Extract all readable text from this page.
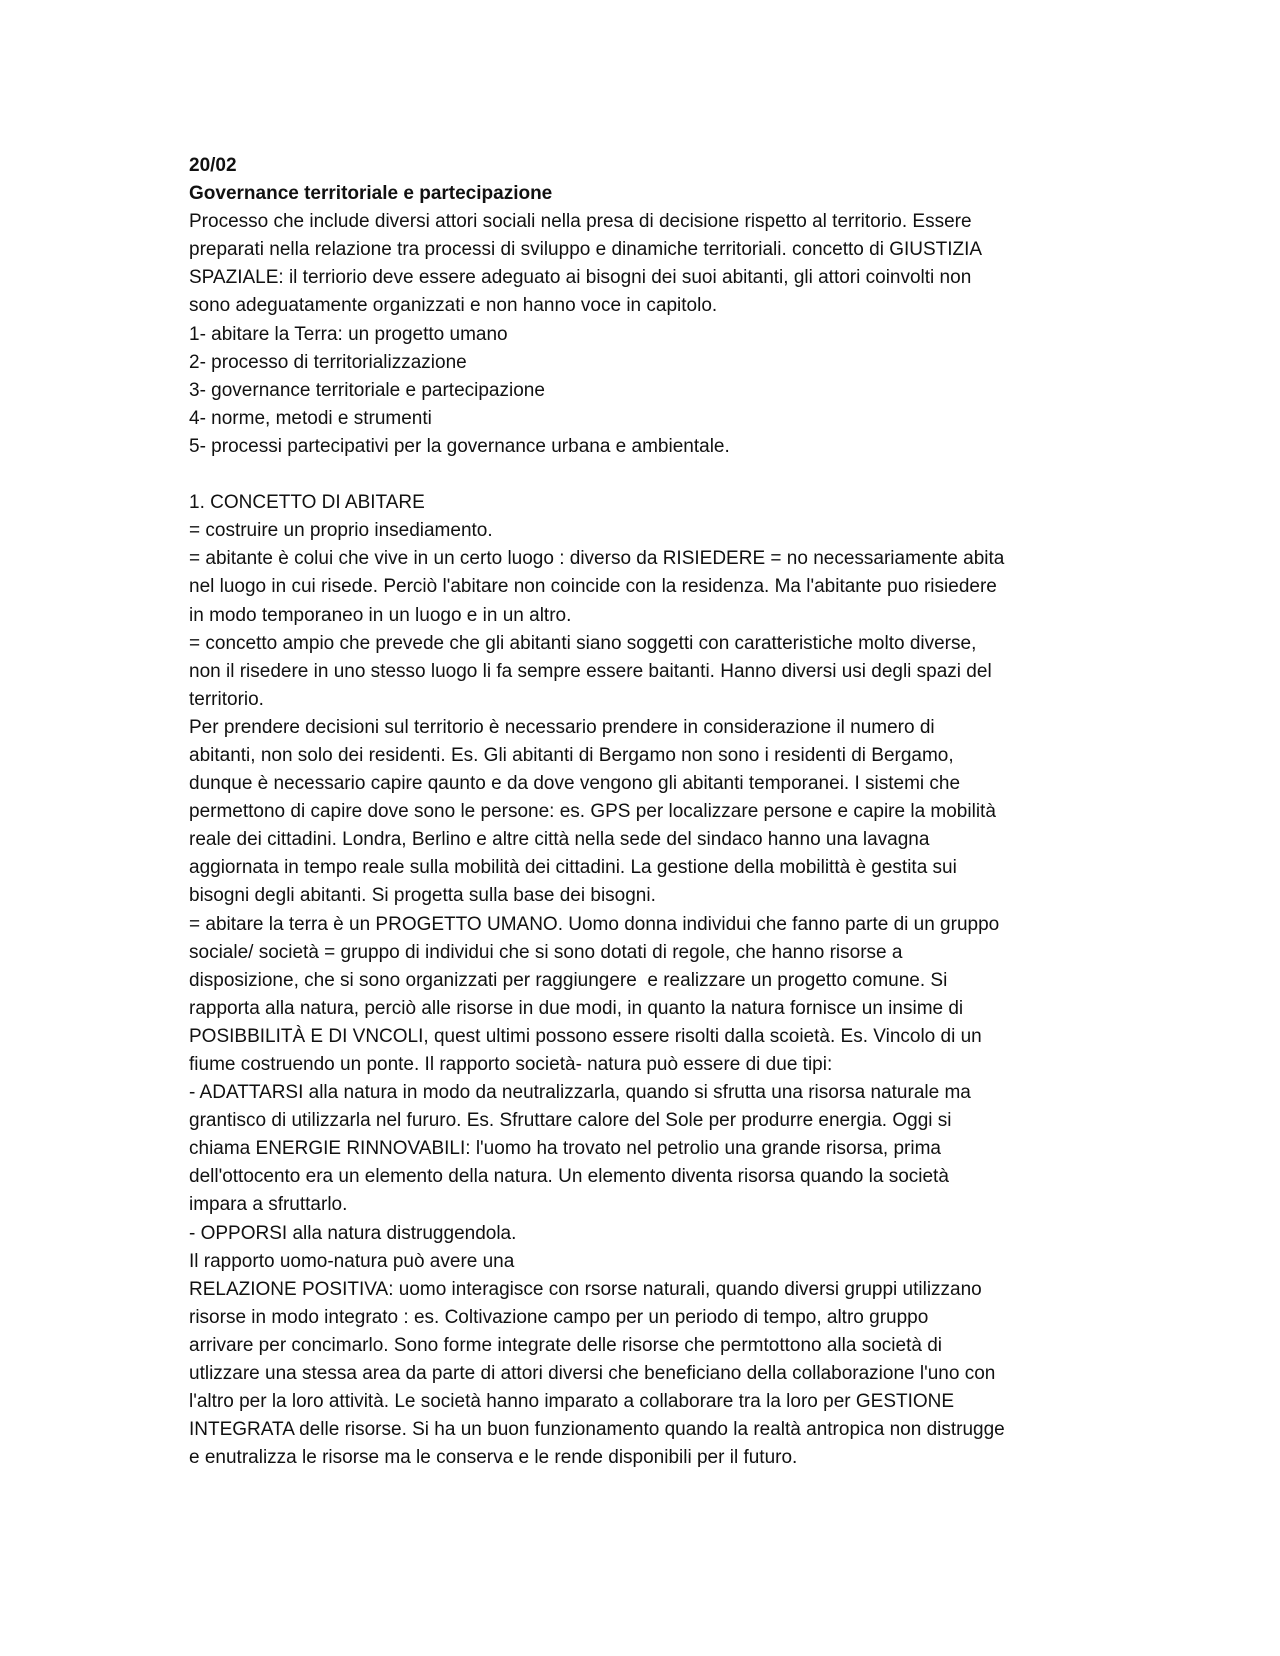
20/02

Governance territoriale e partecipazione

Processo che include diversi attori sociali nella presa di decisione rispetto al territorio. Essere

preparati nella relazione tra processi di sviluppo e dinamiche territoriali. concetto di GIUSTIZIA

SPAZIALE: il terriorio deve essere adeguato ai bisogni dei suoi abitanti, gli attori coinvolti non

sono adeguatamente organizzati e non hanno voce in capitolo.

1- abitare la Terra: un progetto umano

2- processo di territorializzazione

3- governance territoriale e partecipazione

4- norme, metodi e strumenti

5- processi partecipativi per la governance urbana e ambientale.

1. CONCETTO DI ABITARE

= costruire un proprio insediamento.

= abitante è colui che vive in un certo luogo : diverso da RISIEDERE = no necessariamente abita

nel luogo in cui risede. Perciò l'abitare non coincide con la residenza. Ma l'abitante puo risiedere

in modo temporaneo in un luogo e in un altro.

= concetto ampio che prevede che gli abitanti siano soggetti con caratteristiche molto diverse,

non il risedere in uno stesso luogo li fa sempre essere baitanti. Hanno diversi usi degli spazi del

territorio.

Per prendere decisioni sul territorio è necessario prendere in considerazione il numero di

abitanti, non solo dei residenti. Es. Gli abitanti di Bergamo non sono i residenti di Bergamo,

dunque è necessario capire qaunto e da dove vengono gli abitanti temporanei. I sistemi che

permettono di capire dove sono le persone: es. GPS per localizzare persone e capire la mobilità

reale dei cittadini. Londra, Berlino e altre città nella sede del sindaco hanno una lavagna

aggiornata in tempo reale sulla mobilità dei cittadini. La gestione della mobilittà è gestita sui

bisogni degli abitanti. Si progetta sulla base dei bisogni.

= abitare la terra è un PROGETTO UMANO. Uomo donna individui che fanno parte di un gruppo

sociale/ società = gruppo di individui che si sono dotati di regole, che hanno risorse a

disposizione, che si sono organizzati per raggiungere  e realizzare un progetto comune. Si

rapporta alla natura, perciò alle risorse in due modi, in quanto la natura fornisce un insime di

POSIBBILITÀ E DI VNCOLI, quest ultimi possono essere risolti dalla scoietà. Es. Vincolo di un

fiume costruendo un ponte. Il rapporto società- natura può essere di due tipi:

- ADATTARSI alla natura in modo da neutralizzarla, quando si sfrutta una risorsa naturale ma

grantisco di utilizzarla nel fururo. Es. Sfruttare calore del Sole per produrre energia. Oggi si

chiama ENERGIE RINNOVABILI: l'uomo ha trovato nel petrolio una grande risorsa, prima

dell'ottocento era un elemento della natura. Un elemento diventa risorsa quando la società

impara a sfruttarlo.

- OPPORSI alla natura distruggendola.

Il rapporto uomo-natura può avere una

RELAZIONE POSITIVA: uomo interagisce con rsorse naturali, quando diversi gruppi utilizzano

risorse in modo integrato : es. Coltivazione campo per un periodo di tempo, altro gruppo

arrivare per concimarlo. Sono forme integrate delle risorse che permtottono alla società di

utlizzare una stessa area da parte di attori diversi che beneficiano della collaborazione l'uno con

l'altro per la loro attività. Le società hanno imparato a collaborare tra la loro per GESTIONE

INTEGRATA delle risorse. Si ha un buon funzionamento quando la realtà antropica non distrugge

e enutralizza le risorse ma le conserva e le rende disponibili per il futuro.
